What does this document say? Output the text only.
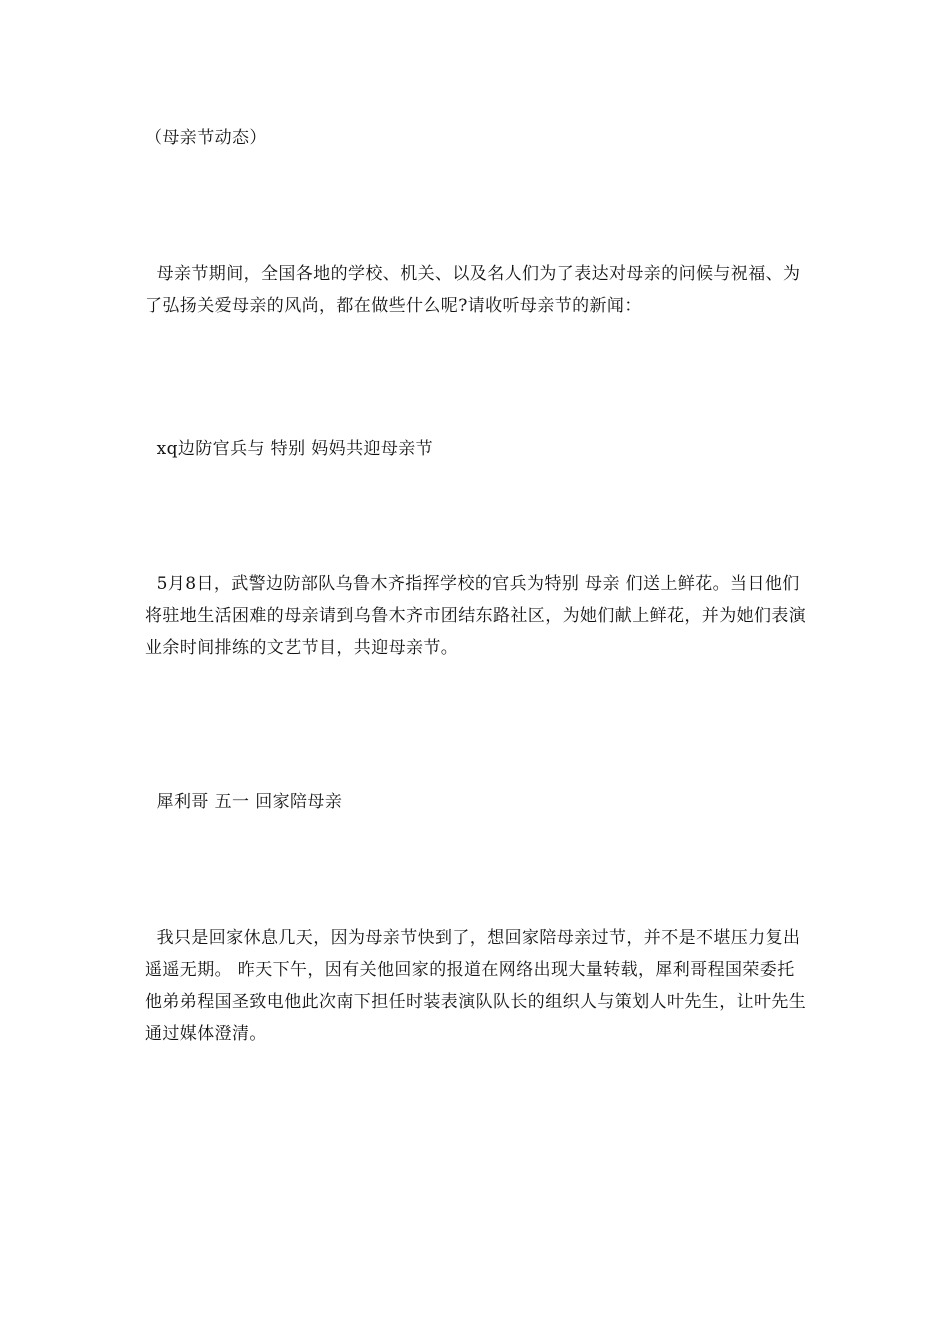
（母亲节动态）

母亲节期间，全国各地的学校、机关、以及名人们为了表达对母亲的问候与祝福、为了弘扬关爱母亲的风尚，都在做些什么呢?请收听母亲节的新闻：

xq边防官兵与 特别 妈妈共迎母亲节

5月8日，武警边防部队乌鲁木齐指挥学校的官兵为特别 母亲 们送上鲜花。当日他们将驻地生活困难的母亲请到乌鲁木齐市团结东路社区，为她们献上鲜花，并为她们表演业余时间排练的文艺节目，共迎母亲节。

犀利哥 五一 回家陪母亲

我只是回家休息几天，因为母亲节快到了，想回家陪母亲过节，并不是不堪压力复出遥遥无期。 昨天下午，因有关他回家的报道在网络出现大量转载，犀利哥程国荣委托他弟弟程国圣致电他此次南下担任时装表演队队长的组织人与策划人叶先生，让叶先生通过媒体澄清。
